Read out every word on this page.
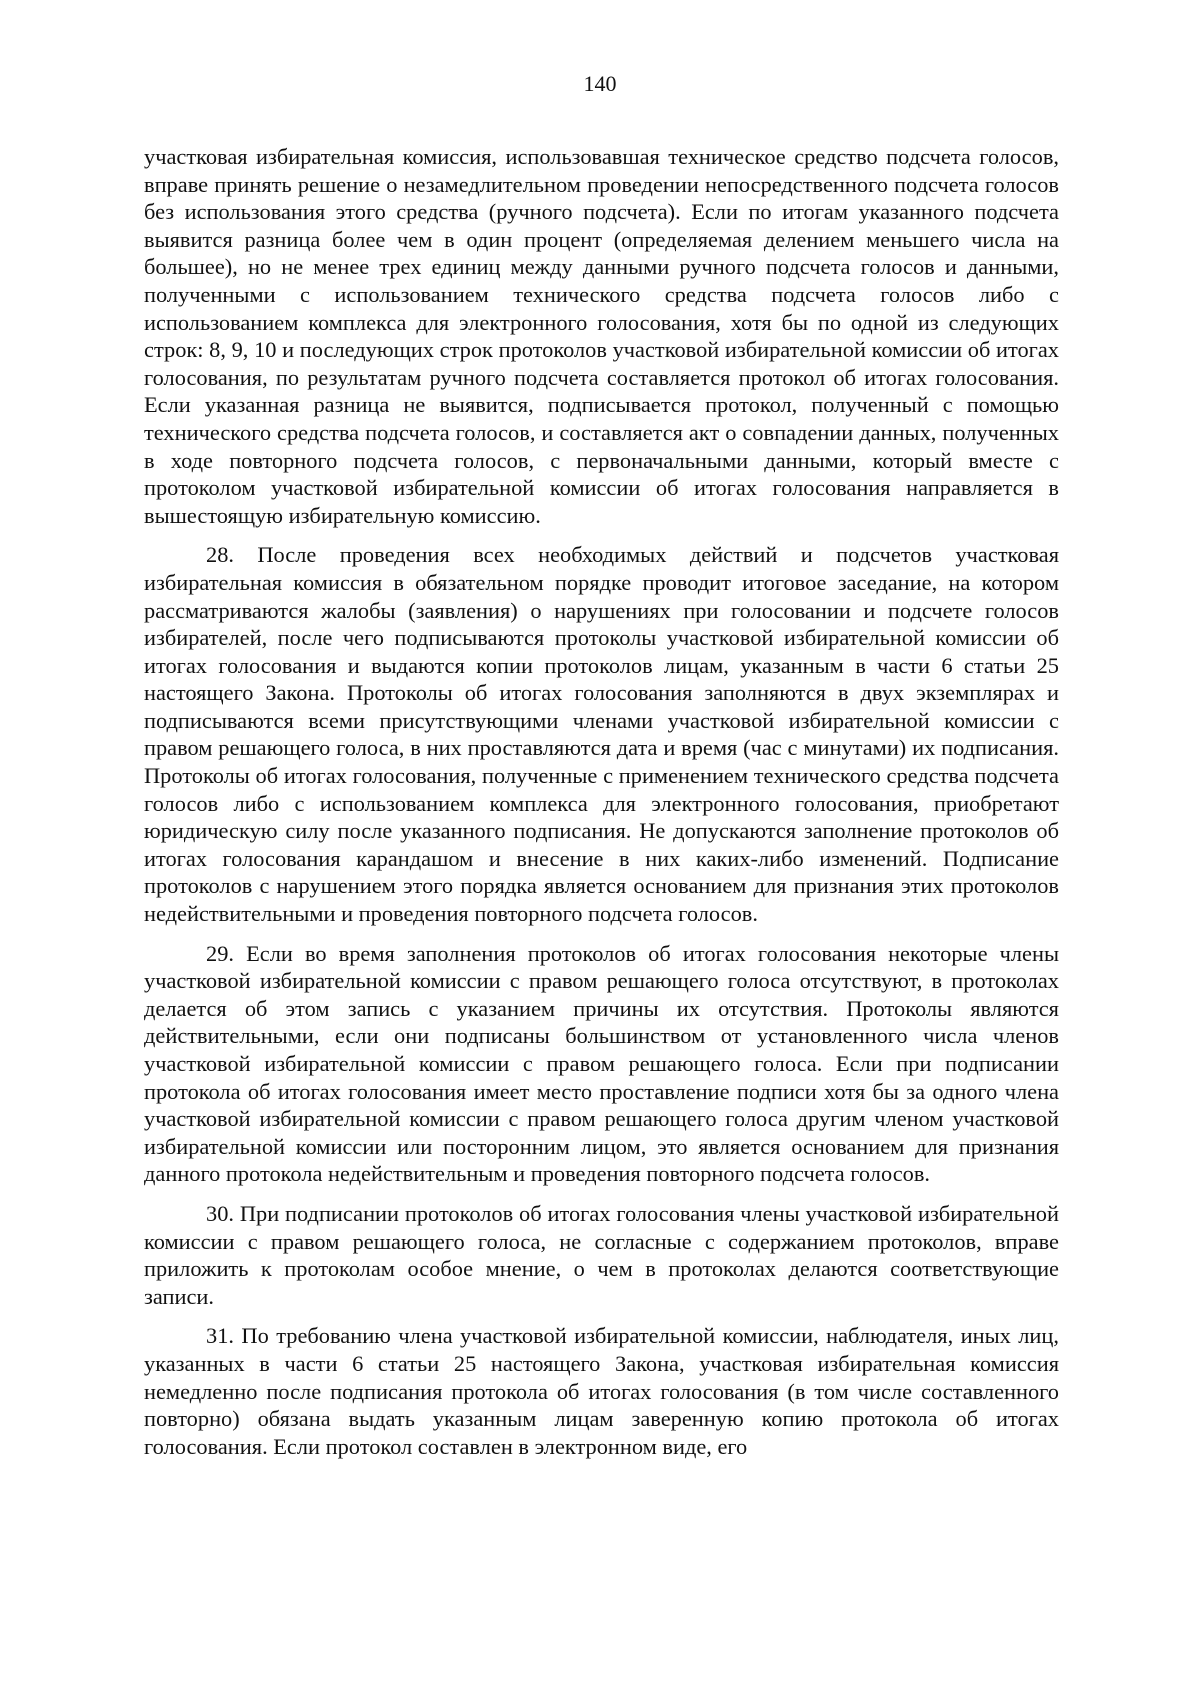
140

участковая избирательная комиссия, использовавшая техническое средство подсчета голосов, вправе принять решение о незамедлительном проведении непосредственного подсчета голосов без использования этого средства (ручного подсчета). Если по итогам указанного подсчета выявится разница более чем в один процент (определяемая делением меньшего числа на большее), но не менее трех единиц между данными ручного подсчета голосов и данными, полученными с использованием технического средства подсчета голосов либо с использованием комплекса для электронного голосования, хотя бы по одной из следующих строк: 8, 9, 10 и последующих строк протоколов участковой избирательной комиссии об итогах голосования, по результатам ручного подсчета составляется протокол об итогах голосования. Если указанная разница не выявится, подписывается протокол, полученный с помощью технического средства подсчета голосов, и составляется акт о совпадении данных, полученных в ходе повторного подсчета голосов, с первоначальными данными, который вместе с протоколом участковой избирательной комиссии об итогах голосования направляется в вышестоящую избирательную комиссию.

28. После проведения всех необходимых действий и подсчетов участковая избирательная комиссия в обязательном порядке проводит итоговое заседание, на котором рассматриваются жалобы (заявления) о нарушениях при голосовании и подсчете голосов избирателей, после чего подписываются протоколы участковой избирательной комиссии об итогах голосования и выдаются копии протоколов лицам, указанным в части 6 статьи 25 настоящего Закона. Протоколы об итогах голосования заполняются в двух экземплярах и подписываются всеми присутствующими членами участковой избирательной комиссии с правом решающего голоса, в них проставляются дата и время (час с минутами) их подписания. Протоколы об итогах голосования, полученные с применением технического средства подсчета голосов либо с использованием комплекса для электронного голосования, приобретают юридическую силу после указанного подписания. Не допускаются заполнение протоколов об итогах голосования карандашом и внесение в них каких-либо изменений. Подписание протоколов с нарушением этого порядка является основанием для признания этих протоколов недействительными и проведения повторного подсчета голосов.

29. Если во время заполнения протоколов об итогах голосования некоторые члены участковой избирательной комиссии с правом решающего голоса отсутствуют, в протоколах делается об этом запись с указанием причины их отсутствия. Протоколы являются действительными, если они подписаны большинством от установленного числа членов участковой избирательной комиссии с правом решающего голоса. Если при подписании протокола об итогах голосования имеет место проставление подписи хотя бы за одного члена участковой избирательной комиссии с правом решающего голоса другим членом участковой избирательной комиссии или посторонним лицом, это является основанием для признания данного протокола недействительным и проведения повторного подсчета голосов.

30. При подписании протоколов об итогах голосования члены участковой избирательной комиссии с правом решающего голоса, не согласные с содержанием протоколов, вправе приложить к протоколам особое мнение, о чем в протоколах делаются соответствующие записи.

31. По требованию члена участковой избирательной комиссии, наблюдателя, иных лиц, указанных в части 6 статьи 25 настоящего Закона, участковая избирательная комиссия немедленно после подписания протокола об итогах голосования (в том числе составленного повторно) обязана выдать указанным лицам заверенную копию протокола об итогах голосования. Если протокол составлен в электронном виде, его
